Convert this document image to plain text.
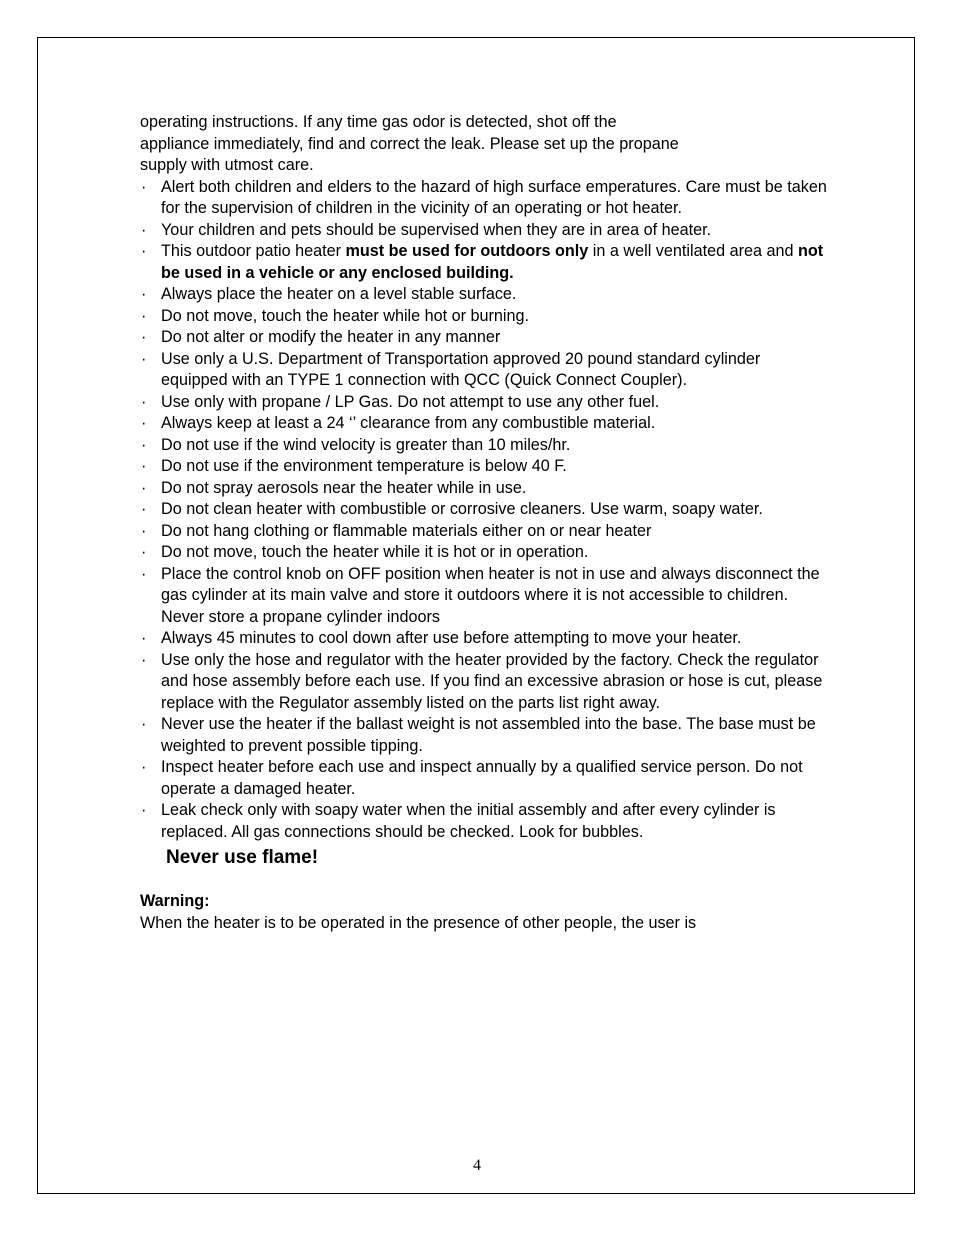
operating instructions. If any time gas odor is detected, shot off the
appliance immediately, find and correct the leak. Please set up the propane
supply with utmost care.

· Alert both children and elders to the hazard of high surface emperatures. Care must be taken for the supervision of children in the vicinity of an operating or hot heater.
· Your children and pets should be supervised when they are in area of heater.
· This outdoor patio heater must be used for outdoors only in a well ventilated area and not be used in a vehicle or any enclosed building.
· Always place the heater on a level stable surface.
· Do not move, touch the heater while hot or burning.
· Do not alter or modify the heater in any manner
· Use only a U.S. Department of Transportation approved 20 pound standard cylinder equipped with an TYPE 1 connection with QCC (Quick Connect Coupler).
· Use only with propane / LP Gas. Do not attempt to use any other fuel.
· Always keep at least a 24 ‘’ clearance from any combustible material.
· Do not use if the wind velocity is greater than 10 miles/hr.
· Do not use if the environment temperature is below 40 F.
· Do not spray aerosols near the heater while in use.
· Do not clean heater with combustible or corrosive cleaners. Use warm, soapy water.
· Do not hang clothing or flammable materials either on or near heater
· Do not move, touch the heater while it is hot or in operation.
· Place the control knob on OFF position when heater is not in use and always disconnect the gas cylinder at its main valve and store it outdoors where it is not accessible to children. Never store a propane cylinder indoors
· Always 45 minutes to cool down after use before attempting to move your heater.
· Use only the hose and regulator with the heater provided by the factory. Check the regulator and hose assembly before each use. If you find an excessive abrasion or hose is cut, please replace with the Regulator assembly listed on the parts list right away.
· Never use the heater if the ballast weight is not assembled into the base. The base must be weighted to prevent possible tipping.
· Inspect heater before each use and inspect annually by a qualified service person. Do not operate a damaged heater.
· Leak check only with soapy water when the initial assembly and after every cylinder is replaced. All gas connections should be checked. Look for bubbles.
Never use flame!
Warning:
When the heater is to be operated in the presence of other people, the user is
4
